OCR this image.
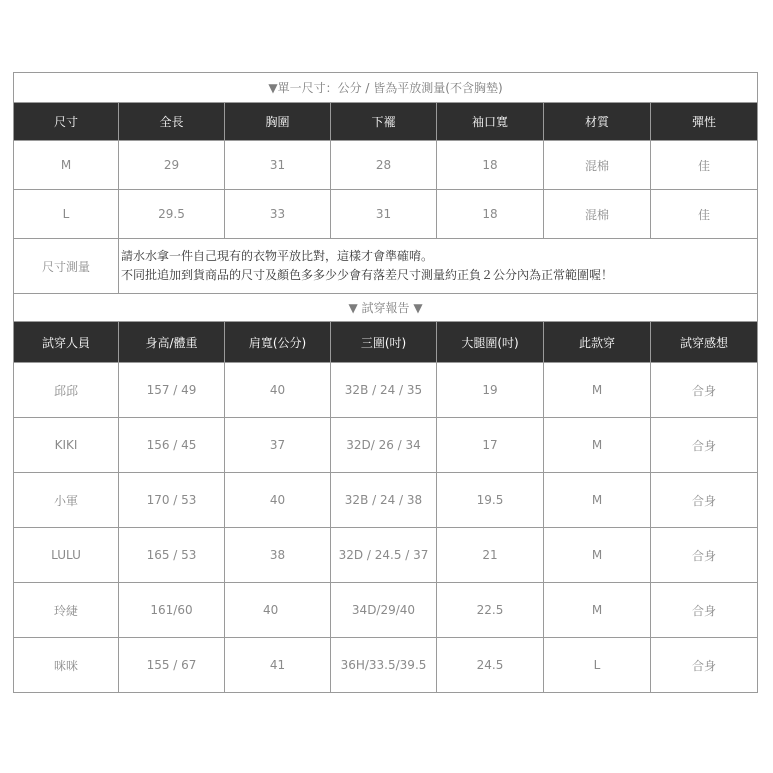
▼單一尺寸：公分 / 皆為平放測量(不含胸墊)						
尺寸	全長	胸圍	下襬	袖口寬	材質	彈性
M	29	31	28	18	混棉	佳
L	29.5	33	31	18	混棉	佳
尺寸測量	請水水拿一件自己現有的衣物平放比對，這樣才會準確唷。
不同批追加到貨商品的尺寸及顏色多多少少會有落差尺寸測量約正負２公分內為正常範圍喔！					
▼ 試穿報告 ▼						
試穿人員	身高/體重	肩寬(公分)	三圍(吋)	大腿圍(吋)	此款穿	試穿感想
邱邱	157 / 49	40	32B / 24 / 35	19	M	合身
KIKI	156 / 45	37	32D/ 26 / 34	17	M	合身
小軍	170 / 53	40	32B / 24 / 38	19.5	M	合身
LULU	165 / 53	38	32D / 24.5 / 37	21	M	合身
玲緁	161/60	40	34D/29/40	22.5	M	合身
咪咪	155 / 67	41	36H/33.5/39.5	24.5	L	合身
